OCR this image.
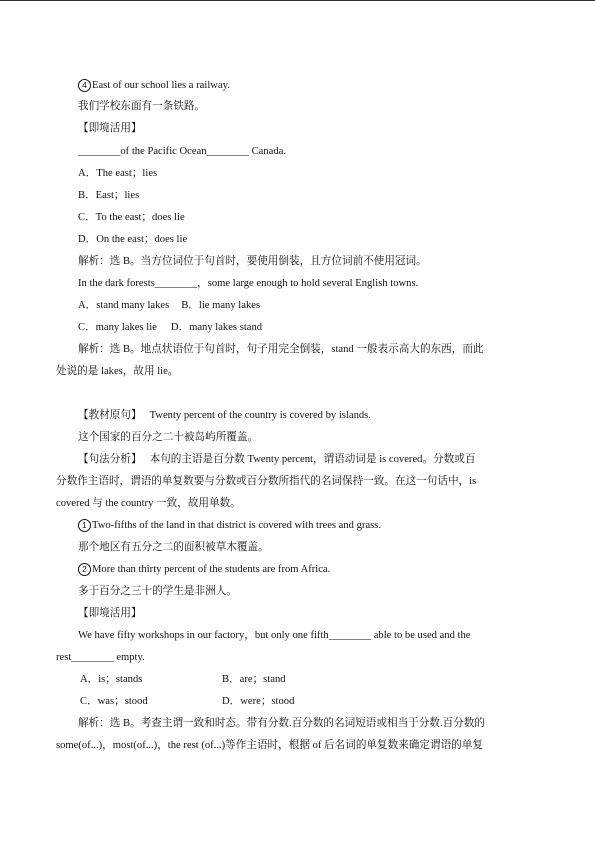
4 East of our school lies a railway.
我们学校东面有一条铁路。
【即境活用】
________of the Pacific Ocean________ Canada.
A．The east；lies
B．East；lies
C．To the east；does lie
D．On the east；does lie
解析：选 B。当方位词位于句首时，要使用倒装，且方位词前不使用冠词。
In the dark forests________，some large enough to hold several English towns.
A．stand many lakes B．lie many lakes
C．many lakes lie D．many lakes stand
解析：选 B。地点状语位于句首时，句子用完全倒装，stand 一般表示高大的东西，而此
处说的是 lakes，故用 lie。
【教材原句】 Twenty percent of the country is covered by islands.
这个国家的百分之二十被岛屿所覆盖。
【句法分析】 本句的主语是百分数 Twenty percent，谓语动词是 is covered。分数或百
分数作主语时，谓语的单复数要与分数或百分数所指代的名词保持一致。在这一句话中，is
covered 与 the country 一致，故用单数。
1 Two-fifths of the land in that district is covered with trees and grass.
那个地区有五分之二的面积被草木覆盖。
2 More than thirty percent of the students are from Africa.
多于百分之三十的学生是非洲人。
【即境活用】
We have fifty workshops in our factory，but only one fifth________ able to be used and the
rest________ empty.
A．is；stands	B．are；stand
C．was；stood	D．were；stood
解析：选 B。考查主谓一致和时态。带有分数.百分数的名词短语或相当于分数.百分数的
some(of...)，most(of...)，the rest (of...)等作主语时，根据 of 后名词的单复数来确定谓语的单复
